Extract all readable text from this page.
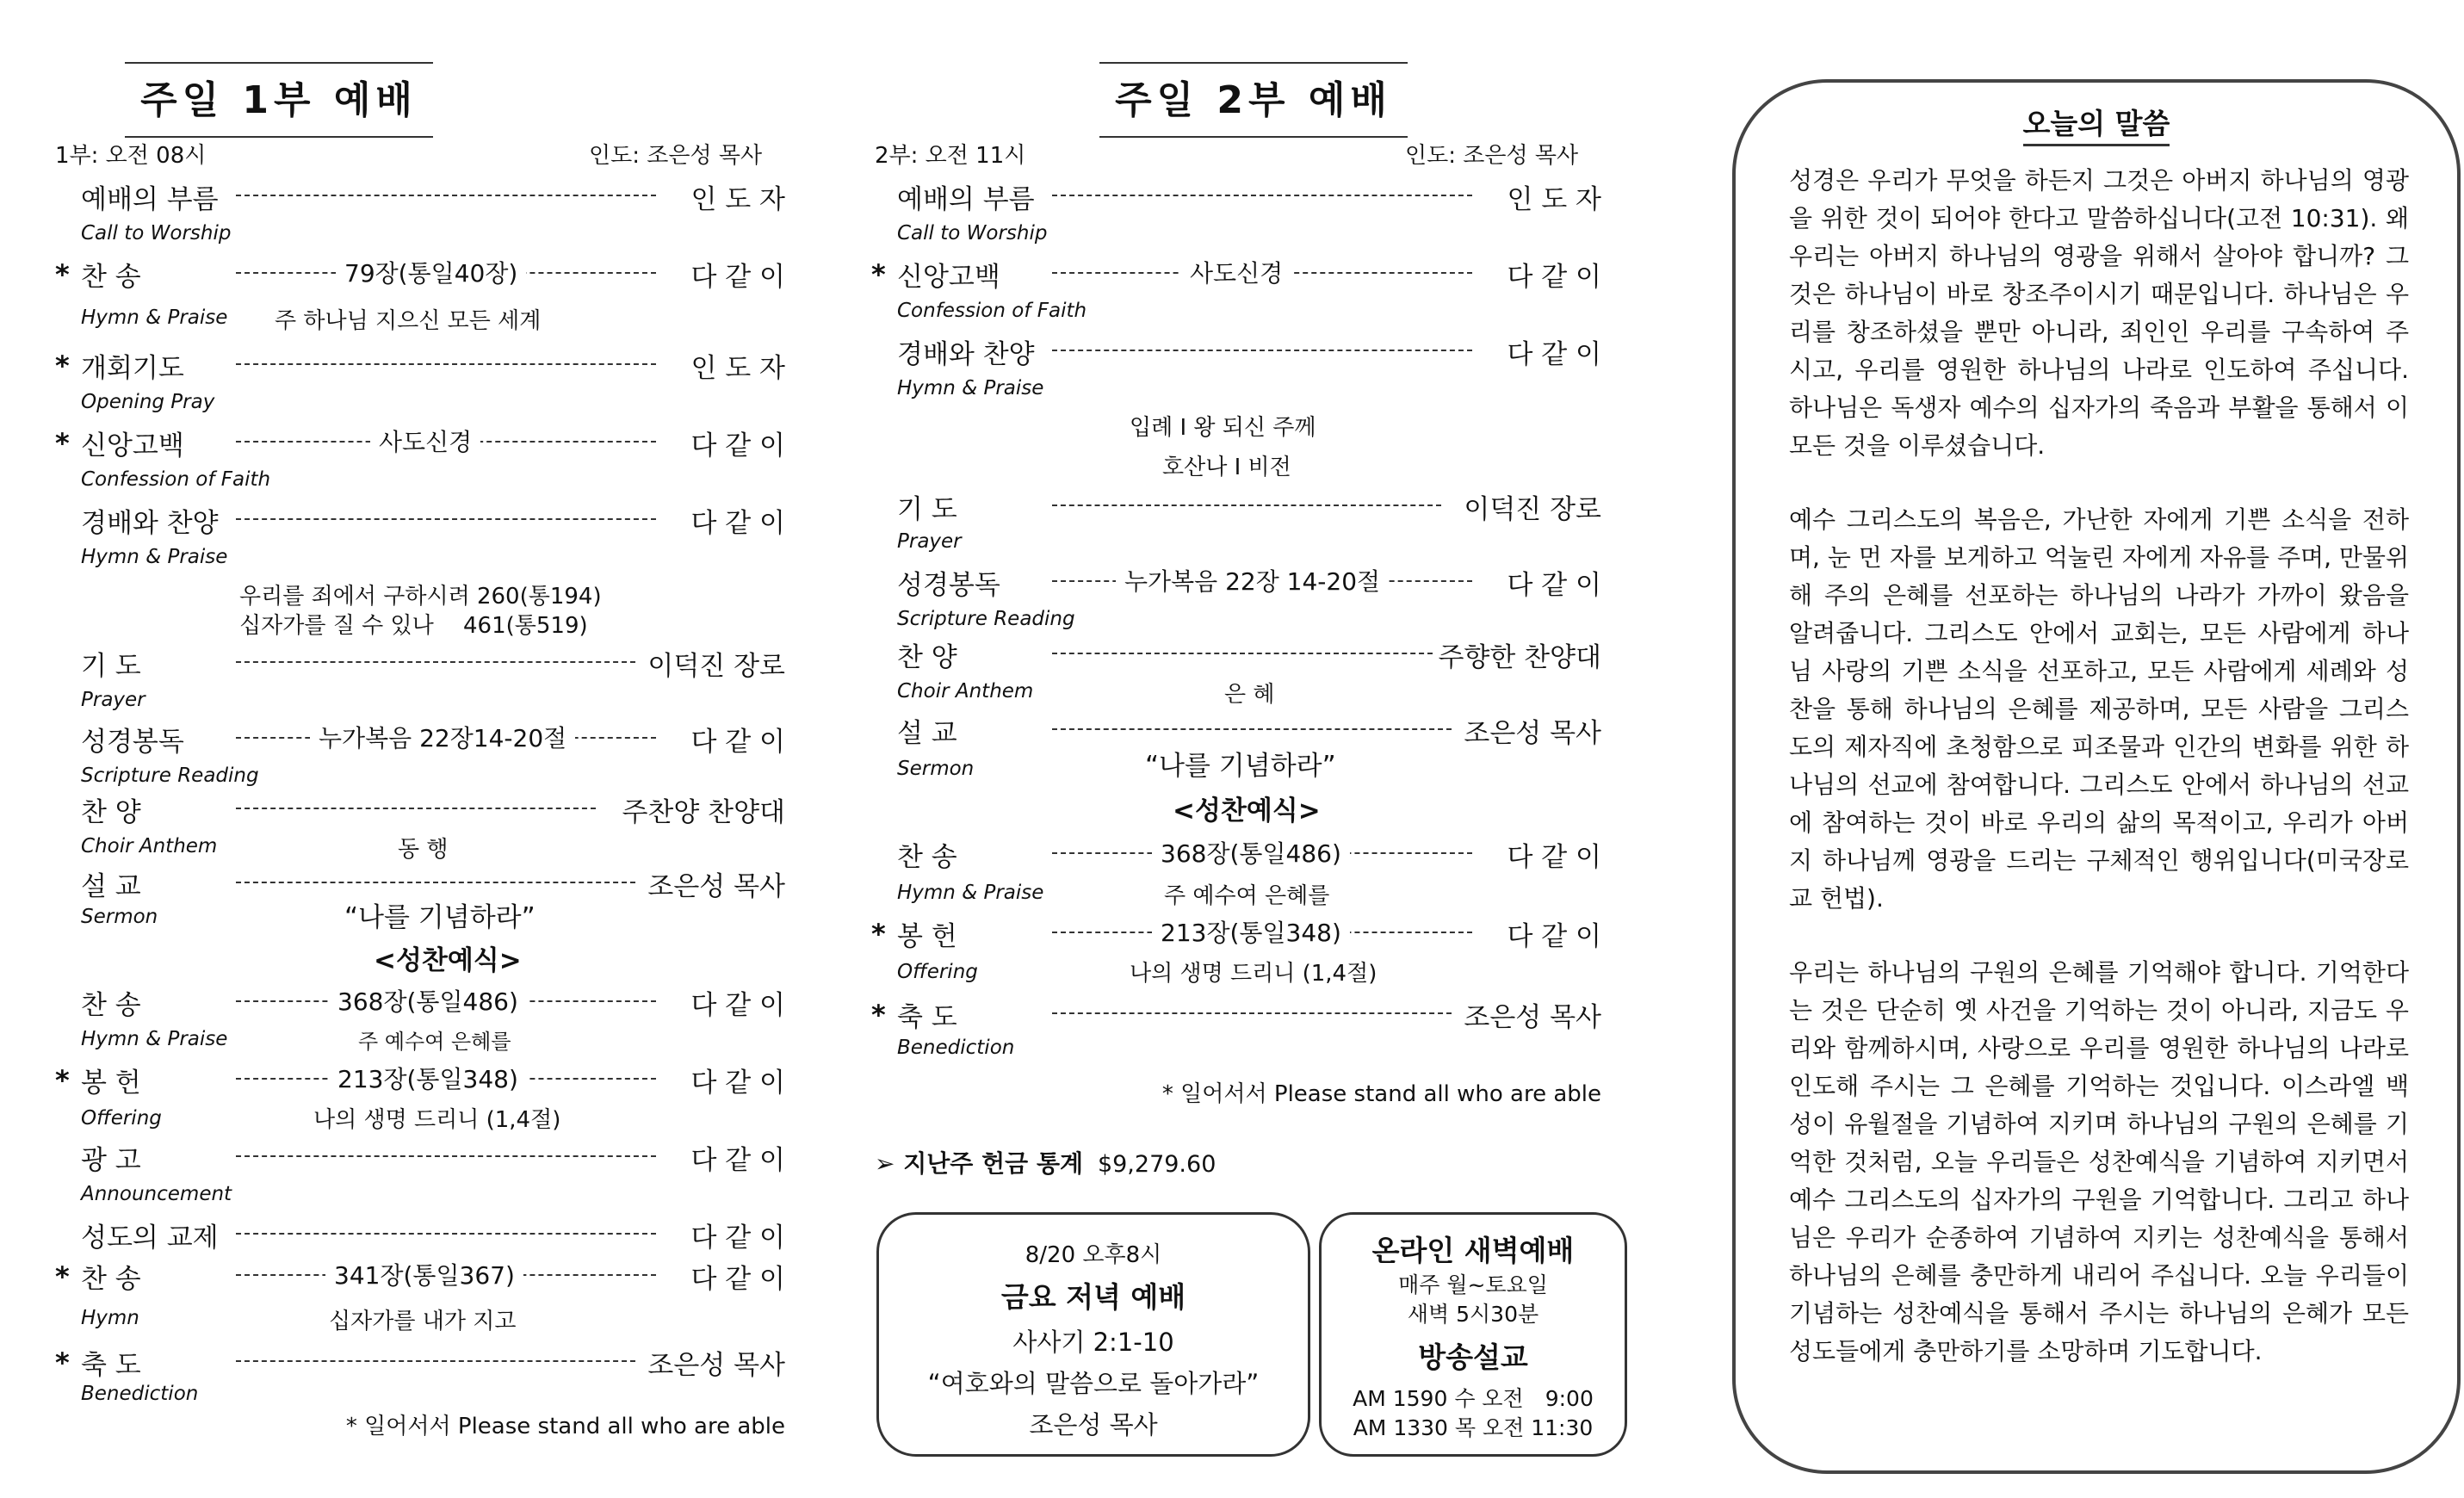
주일 1부 예배
1부: 오전 08시	인도: 조은성 목사
예배의 부름	인 도 자
Call to Worship
* 찬 송	79장(통일40장)	다 같 이
Hymn & Praise 주 하나님 지으신 모든 세계
* 개회기도	인 도 자
Opening Pray
* 신앙고백	사도신경	다 같 이
Confession of Faith
경배와 찬양	다 같 이
Hymn & Praise
우리를 죄에서 구하시려 260(통194)
십자가를 질 수 있나　 461(통519)
기 도	이덕진 장로
Prayer
성경봉독	누가복음 22장14-20절	다 같 이
Scripture Reading
찬 양	주찬양 찬양대
Choir Anthem	동 행
설 교	조은성 목사
Sermon	“나를 기념하라”
<성찬예식>
찬 송	368장(통일486)	다 같 이
Hymn & Praise	주 예수여 은혜를
* 봉 헌	213장(통일348)	다 같 이
Offering	나의 생명 드리니 (1,4절)
광 고	다 같 이
Announcement
성도의 교제	다 같 이
* 찬 송	341장(통일367)	다 같 이
Hymn	십자가를 내가 지고
* 축 도	조은성 목사
Benediction
* 일어서서 Please stand all who are able
주일 2부 예배
2부: 오전 11시	인도: 조은성 목사
예배의 부름	인 도 자
Call to Worship
* 신앙고백	사도신경	다 같 이
Confession of Faith
경배와 찬양	다 같 이
Hymn & Praise
입례 I 왕 되신 주께
호산나 I 비전
기 도	이덕진 장로
Prayer
성경봉독	누가복음 22장 14-20절	다 같 이
Scripture Reading
찬 양	주향한 찬양대
Choir Anthem	은 혜
설 교	조은성 목사
Sermon	“나를 기념하라”
<성찬예식>
찬 송	368장(통일486)	다 같 이
Hymn & Praise	주 예수여 은혜를
* 봉 헌	213장(통일348)	다 같 이
Offering	나의 생명 드리니 (1,4절)
* 축 도	조은성 목사
Benediction
* 일어서서 Please stand all who are able
➢ 지난주 헌금 통계 $9,279.60
8/20 오후8시
금요 저녁 예배
사사기 2:1-10
“여호와의 말씀으로 돌아가라”
조은성 목사
온라인 새벽예배
매주 월~토요일
새벽 5시30분
방송설교
AM 1590 수 오전　9:00
AM 1330 목 오전 11:30
오늘의 말씀
성경은 우리가 무엇을 하든지 그것은 아버지 하나님의 영광을 위한 것이 되어야 한다고 말씀하십니다(고전 10:31). 왜 우리는 아버지 하나님의 영광을 위해서 살아야 합니까? 그것은 하나님이 바로 창조주이시기 때문입니다. 하나님은 우리를 창조하셨을 뿐만 아니라, 죄인인 우리를 구속하여 주시고, 우리를 영원한 하나님의 나라로 인도하여 주십니다. 하나님은 독생자 예수의 십자가의 죽음과 부활을 통해서 이 모든 것을 이루셨습니다.
예수 그리스도의 복음은, 가난한 자에게 기쁜 소식을 전하며, 눈 먼 자를 보게하고 억눌린 자에게 자유를 주며, 만물위해 주의 은혜를 선포하는 하나님의 나라가 가까이 왔음을 알려줍니다. 그리스도 안에서 교회는, 모든 사람에게 하나님 사랑의 기쁜 소식을 선포하고, 모든 사람에게 세례와 성찬을 통해 하나님의 은혜를 제공하며, 모든 사람을 그리스도의 제자직에 초청함으로 피조물과 인간의 변화를 위한 하나님의 선교에 참여합니다. 그리스도 안에서 하나님의 선교에 참여하는 것이 바로 우리의 삶의 목적이고, 우리가 아버지 하나님께 영광을 드리는 구체적인 행위입니다(미국장로교 헌법).
우리는 하나님의 구원의 은혜를 기억해야 합니다. 기억한다는 것은 단순히 옛 사건을 기억하는 것이 아니라, 지금도 우리와 함께하시며, 사랑으로 우리를 영원한 하나님의 나라로 인도해 주시는 그 은혜를 기억하는 것입니다. 이스라엘 백성이 유월절을 기념하여 지키며 하나님의 구원의 은혜를 기억한 것처럼, 오늘 우리들은 성찬예식을 기념하여 지키면서 예수 그리스도의 십자가의 구원을 기억합니다. 그리고 하나님은 우리가 순종하여 기념하여 지키는 성찬예식을 통해서 하나님의 은혜를 충만하게 내리어 주십니다. 오늘 우리들이 기념하는 성찬예식을 통해서 주시는 하나님의 은혜가 모든 성도들에게 충만하기를 소망하며 기도합니다.
